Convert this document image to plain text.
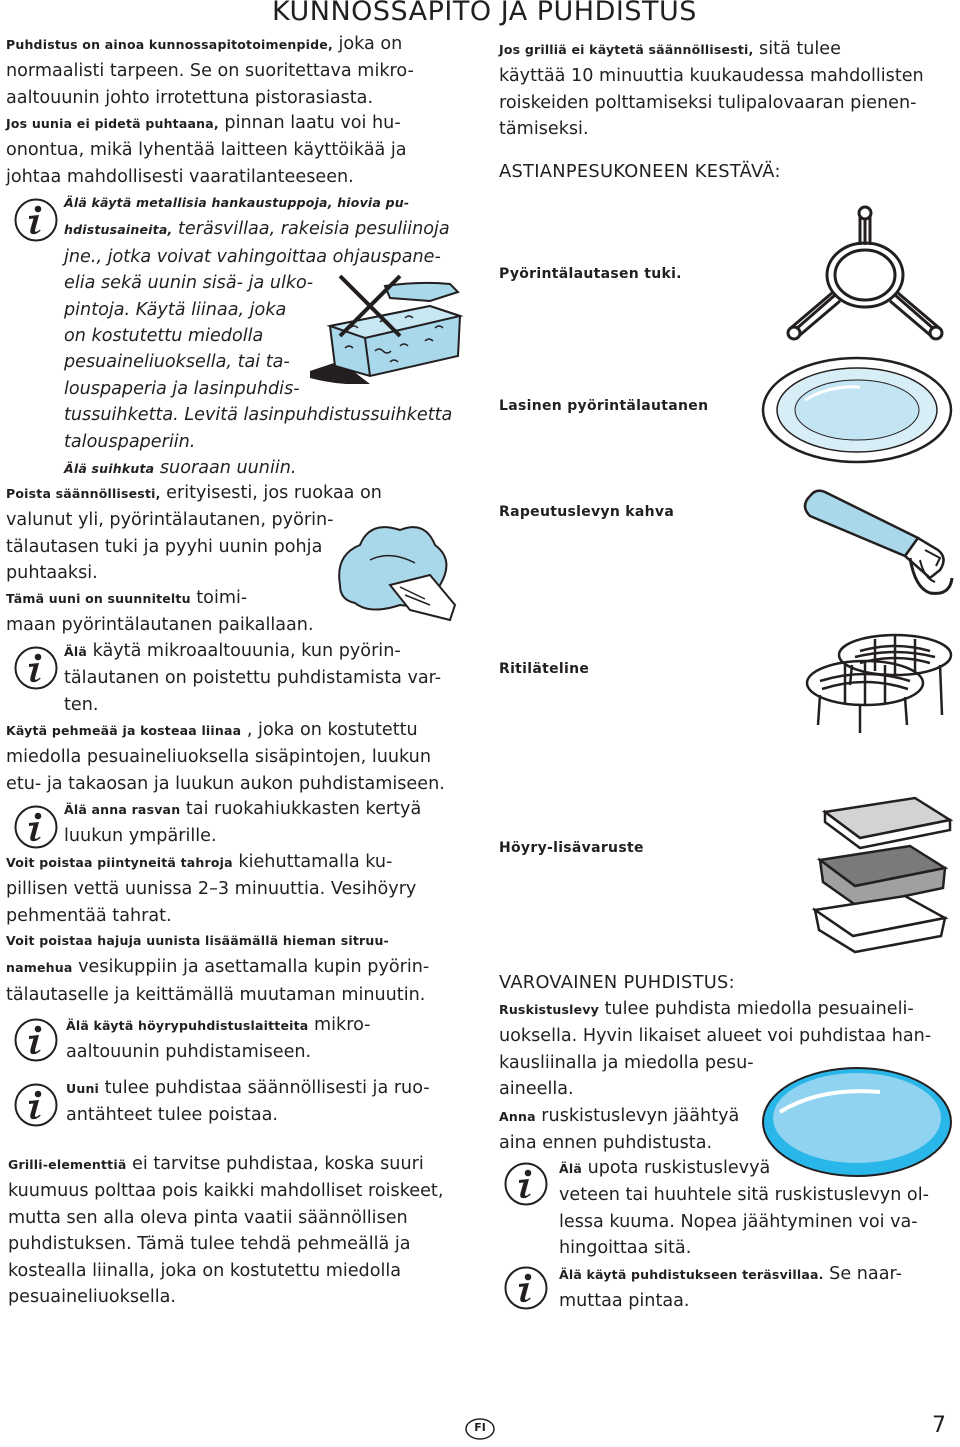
KUNNOSSAPITO JA PUHDISTUS
Puhdistus on ainoa kunnossapitotoimenpide, joka on
normaalisti tarpeen. Se on suoritettava mikro-
aaltouunin johto irrotettuna pistorasiasta.
Jos uunia ei pidetä puhtaana, pinnan laatu voi hu-
onontua, mikä lyhentää laitteen käyttöikää ja
johtaa mahdollisesti vaaratilanteeseen.
Älä käytä metallisia hankaustuppoja, hiovia pu-
hdistusaineita, teräsvillaa, rakeisia pesuliinoja
jne., jotka voivat vahingoittaa ohjauspane-
elia sekä uunin sisä- ja ulko-
pintoja. Käytä liinaa, joka
on kostutettu miedolla
pesuaineliuoksella, tai ta-
louspaperia ja lasinpuhdis-
tussuihketta. Levitä lasinpuhdistussuihketta
talouspaperiin.
Älä suihkuta suoraan uuniin.
Poista säännöllisesti, erityisesti, jos ruokaa on
valunut yli, pyörintälautanen, pyörin-
tälautasen tuki ja pyyhi uunin pohja
puhtaaksi.
Tämä uuni on suunniteltu toimi-
maan pyörintälautanen paikallaan.
Älä käytä mikroaaltouunia, kun pyörin-
tälautanen on poistettu puhdistamista var-
ten.
Käytä pehmeää ja kosteaa liinaa , joka on kostutettu
miedolla pesuaineliuoksella sisäpintojen, luukun
etu- ja takaosan ja luukun aukon puhdistamiseen.
Älä anna rasvan tai ruokahiukkasten kertyä
luukun ympärille.
Voit poistaa piintyneitä tahroja kiehuttamalla ku-
pillisen vettä uunissa 2–3 minuuttia. Vesihöyry
pehmentää tahrat.
Voit poistaa hajuja uunista lisäämällä hieman sitruu-
namehua vesikuppiin ja asettamalla kupin pyörin-
tälautaselle ja keittämällä muutaman minuutin.
Älä käytä höyrypuhdistuslaitteita mikro-
aaltouunin puhdistamiseen.
Uuni tulee puhdistaa säännöllisesti ja ruo-
antähteet tulee poistaa.
Grilli-elementtiä ei tarvitse puhdistaa, koska suuri
kuumuus polttaa pois kaikki mahdolliset roiskeet,
mutta sen alla oleva pinta vaatii säännöllisen
puhdistuksen. Tämä tulee tehdä pehmeällä ja
kostealla liinalla, joka on kostutettu miedolla
pesuaineliuoksella.
Jos grilliä ei käytetä säännöllisesti, sitä tulee
käyttää 10 minuuttia kuukaudessa mahdollisten
roiskeiden polttamiseksi tulipalovaaran pienen-
tämiseksi.
ASTIANPESUKONEEN KESTÄVÄ:
Pyörintälautasen tuki.
Lasinen pyörintälautanen
Rapeutuslevyn kahva
Ritiläteline
Höyry-lisävaruste
VAROVAINEN PUHDISTUS:
Ruskistuslevy tulee puhdista miedolla pesuaineli-
uoksella. Hyvin likaiset alueet voi puhdistaa han-
kausliinalla ja miedolla pesu-
aineella.
Anna ruskistuslevyn jäähtyä
aina ennen puhdistusta.
Älä upota ruskistuslevyä
veteen tai huuhtele sitä ruskistuslevyn ol-
lessa kuuma. Nopea jäähtyminen voi va-
hingoittaa sitä.
Älä käytä puhdistukseen teräsvillaa. Se naar-
muttaa pintaa.
FI	7
